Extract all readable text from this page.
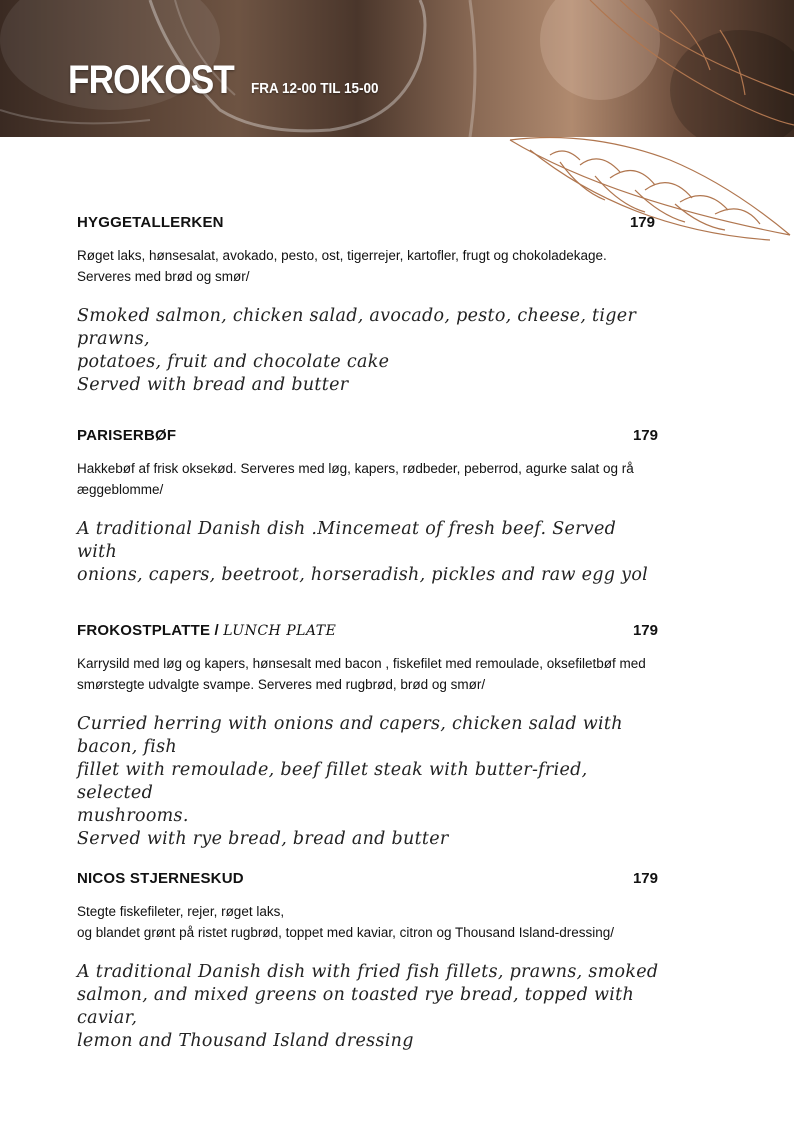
FROKOST FRA 12-00 TIL 15-00
HYGGETALLERKEN	179
Røget laks, hønsesalat, avokado, pesto, ost, tigerrejer, kartofler, frugt og chokoladekage.
Serveres med brød og smør/
Smoked salmon, chicken salad, avocado, pesto, cheese, tiger prawns,
potatoes, fruit and chocolate cake
Served with bread and butter
PARISERBØF	179
Hakkebøf af frisk oksekød. Serveres med løg, kapers, rødbeder, peberrod, agurke salat og rå
æggeblomme/
A traditional Danish dish .Mincemeat of fresh beef. Served with
onions, capers, beetroot, horseradish, pickles and raw egg yol
FROKOSTPLATTE / LUNCH PLATE	179
Karrysild med løg og kapers, hønsesalt med bacon , fiskefilet med remoulade, oksefiletbøf med
smørstegte udvalgte svampe. Serveres med rugbrød, brød og smør/
Curried herring with onions and capers, chicken salad with bacon, fish
fillet with remoulade, beef fillet steak with butter-fried, selected
mushrooms.
Served with rye bread, bread and butter
NICOS STJERNESKUD	179
Stegte fiskefileter, rejer, røget laks,
og blandet grønt på ristet rugbrød, toppet med kaviar, citron og Thousand Island-dressing/
A traditional Danish dish with fried fish fillets, prawns, smoked
salmon, and mixed greens on toasted rye bread, topped with caviar,
lemon and Thousand Island dressing
